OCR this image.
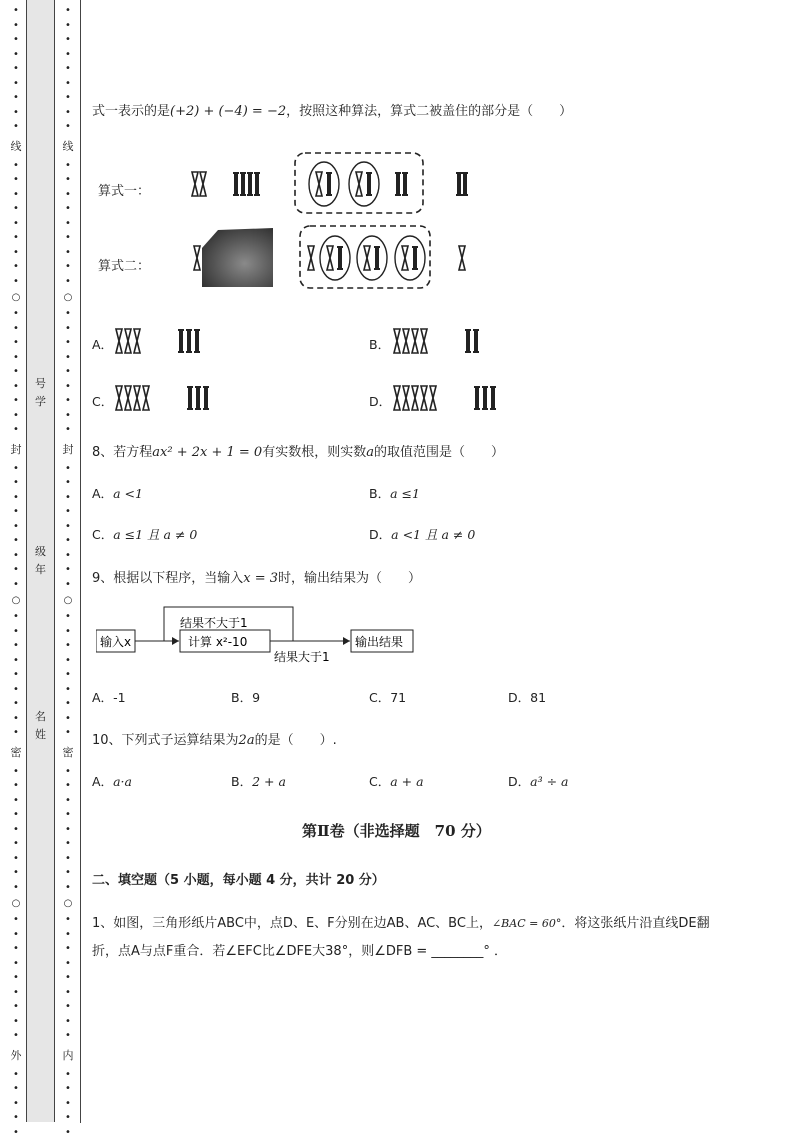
•
•
•
•
•
•
•
•
•
线
•
•
•
•
•
•
•
•
•
○
•
•
•
•
•
•
•
•
•
封
•
•
•
•
•
•
•
•
•
○
•
•
•
•
•
•
•
•
•
密
•
•
•
•
•
•
•
•
•
○
•
•
•
•
•
•
•
•
•
外
•
•
•
•
•
号
学
级
年
名
姓
•
•
•
•
•
•
•
•
•
线
•
•
•
•
•
•
•
•
•
○
•
•
•
•
•
•
•
•
•
封
•
•
•
•
•
•
•
•
•
○
•
•
•
•
•
•
•
•
•
密
•
•
•
•
•
•
•
•
•
○
•
•
•
•
•
•
•
•
•
内
•
•
•
•
•
式一表示的是(+2) + (−4) = −2，按照这种算法，算式二被盖住的部分是（　　）
算式一：
算式二：
A．	B．
C．	D．
8、若方程ax² + 2x + 1 = 0有实数根，则实数a的取值范围是（　　）
A．a <1	B．a ≤1
C．a ≤1 且 a ≠ 0	D．a <1 且 a ≠ 0
9、根据以下程序，当输入x = 3时，输出结果为（　　）
输入x	计算 x²-10
结果不大于1
结果大于1
输出结果
A．-1	B．9	C．71	D．81
10、下列式子运算结果为2a的是（　　）.
A．a·a	B．2 + a	C．a + a	D．a³ ÷ a
第Ⅱ卷（非选择题　70 分）
二、填空题（5 小题，每小题 4 分，共计 20 分）
1、如图，三角形纸片ABC中，点D、E、F分别在边AB、AC、BC上，∠BAC = 60°．将这张纸片沿直线DE翻
折，点A与点F重合．若∠EFC比∠DFE大38°，则∠DFB = ________° ．
